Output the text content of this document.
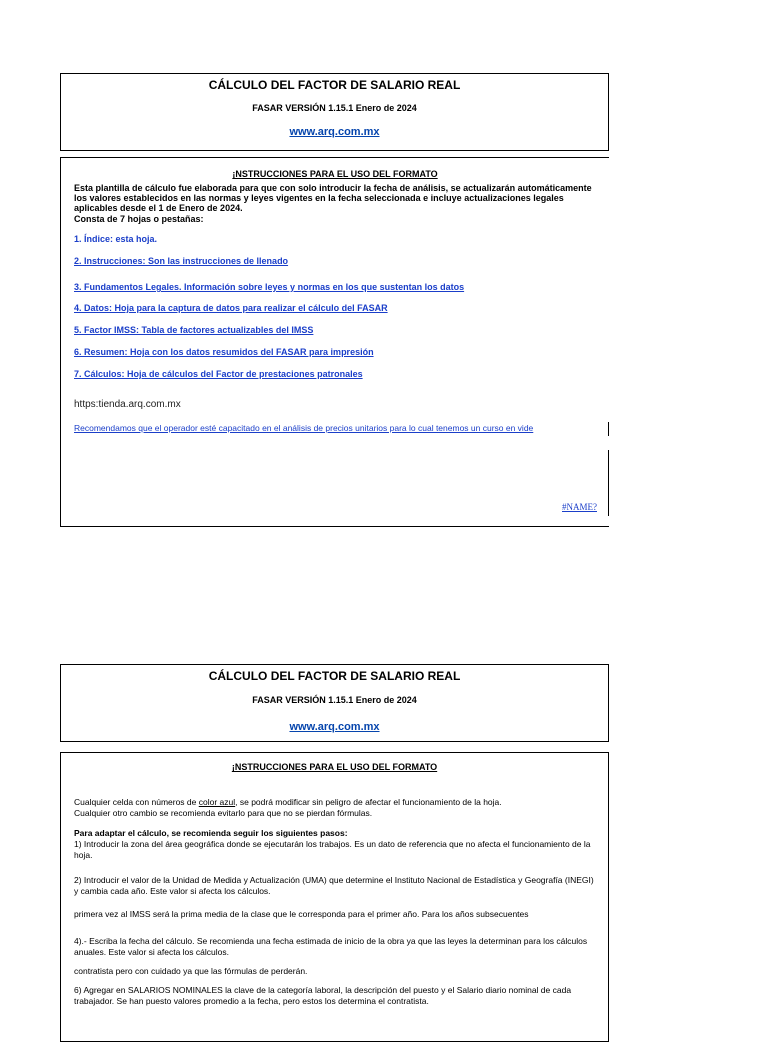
CÁLCULO DEL FACTOR DE SALARIO REAL
FASAR VERSIÓN 1.15.1 Enero de 2024
www.arq.com.mx
¡NSTRUCCIONES PARA EL USO DEL FORMATO
Esta plantilla de cálculo fue elaborada para que con solo introducir la fecha de análisis, se actualizarán automáticamente los valores establecidos en las normas y leyes vigentes en la fecha seleccionada e incluye actualizaciones legales aplicables desde el 1 de Enero de 2024.
Consta de 7 hojas o pestañas:
1. Índice: esta hoja.
2. Instrucciones: Son las instrucciones de llenado
3. Fundamentos Legales. Información sobre leyes y normas en los que sustentan los datos
4. Datos: Hoja para la captura de datos para realizar el cálculo del FASAR
5. Factor IMSS: Tabla de factores actualizables del IMSS
6. Resumen: Hoja con los datos resumidos del FASAR para impresión
7. Cálculos: Hoja de cálculos del Factor de prestaciones patronales
https:tienda.arq.com.mx
Recomendamos que el operador esté capacitado en el análisis de precios unitarios para lo cual tenemos un curso en vide
#NAME?
CÁLCULO DEL FACTOR DE SALARIO REAL
FASAR VERSIÓN 1.15.1 Enero de 2024
www.arq.com.mx
¡NSTRUCCIONES PARA EL USO DEL FORMATO
Cualquier celda con números de color azul, se podrá modificar sin peligro de afectar el funcionamiento de la hoja.
Cualquier otro cambio se recomienda evitarlo para que no se pierdan fórmulas.
Para adaptar el cálculo, se recomienda seguir los siguientes pasos:
1) Introducir la zona del área geográfica donde se ejecutarán los trabajos. Es un dato de referencia que no afecta el funcionamiento de la hoja.
2) Introducir el valor de la Unidad de Medida y Actualización (UMA) que determine el Instituto Nacional de Estadística y Geografía (INEGI) y cambia cada año. Este valor si afecta los cálculos.
primera vez al IMSS será la prima media de la clase que le corresponda para el primer año. Para los años subsecuentes
4).- Escriba la fecha del cálculo. Se recomienda una fecha estimada de inicio de la obra ya que las leyes la determinan para los cálculos anuales. Este valor si afecta los cálculos.
contratista pero con cuidado ya que las fórmulas de perderán.
6) Agregar en SALARIOS NOMINALES la clave de la categoría laboral, la descripción del puesto y el Salario diario nominal de cada trabajador. Se han puesto valores promedio a la fecha, pero estos los determina el contratista.
